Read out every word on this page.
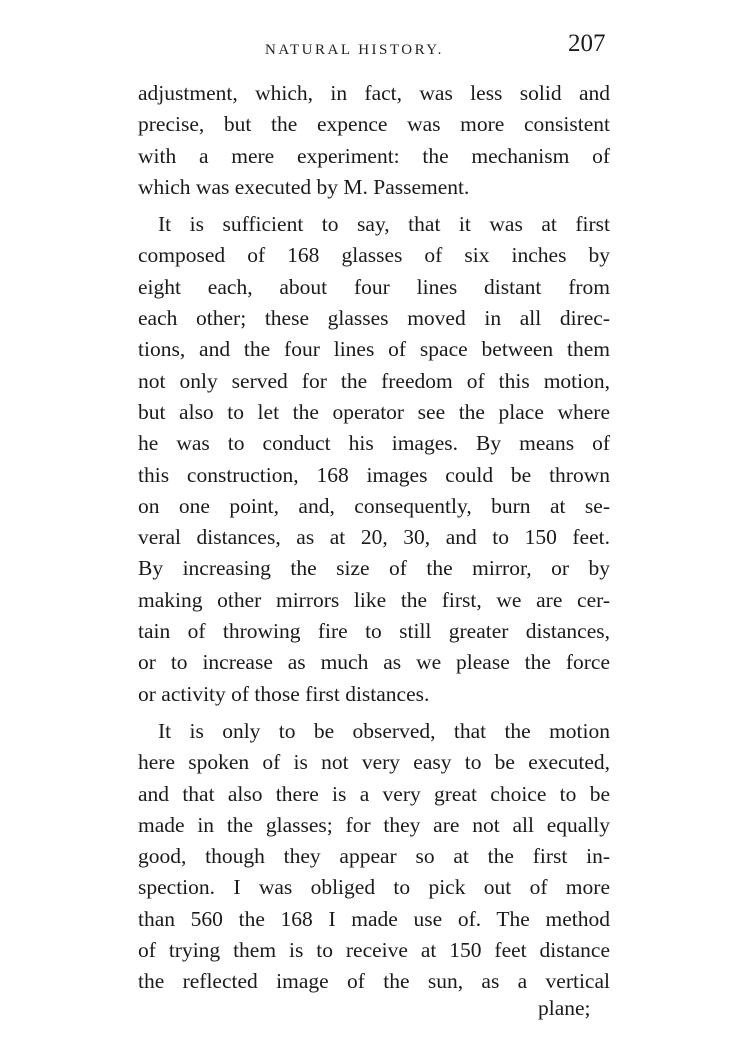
NATURAL HISTORY.	207
adjustment, which, in fact, was less solid and
precise, but the expence was more consistent
with a mere experiment: the mechanism of
which was executed by M. Passement.
It is sufficient to say, that it was at first
composed of 168 glasses of six inches by
eight each, about four lines distant from
each other; these glasses moved in all direc-
tions, and the four lines of space between them
not only served for the freedom of this motion,
but also to let the operator see the place where
he was to conduct his images. By means of
this construction, 168 images could be thrown
on one point, and, consequently, burn at se-
veral distances, as at 20, 30, and to 150 feet.
By increasing the size of the mirror, or by
making other mirrors like the first, we are cer-
tain of throwing fire to still greater distances,
or to increase as much as we please the force
or activity of those first distances.
It is only to be observed, that the motion
here spoken of is not very easy to be executed,
and that also there is a very great choice to be
made in the glasses; for they are not all equally
good, though they appear so at the first in-
spection. I was obliged to pick out of more
than 560 the 168 I made use of. The method
of trying them is to receive at 150 feet distance
the reflected image of the sun, as a vertical
plane;
